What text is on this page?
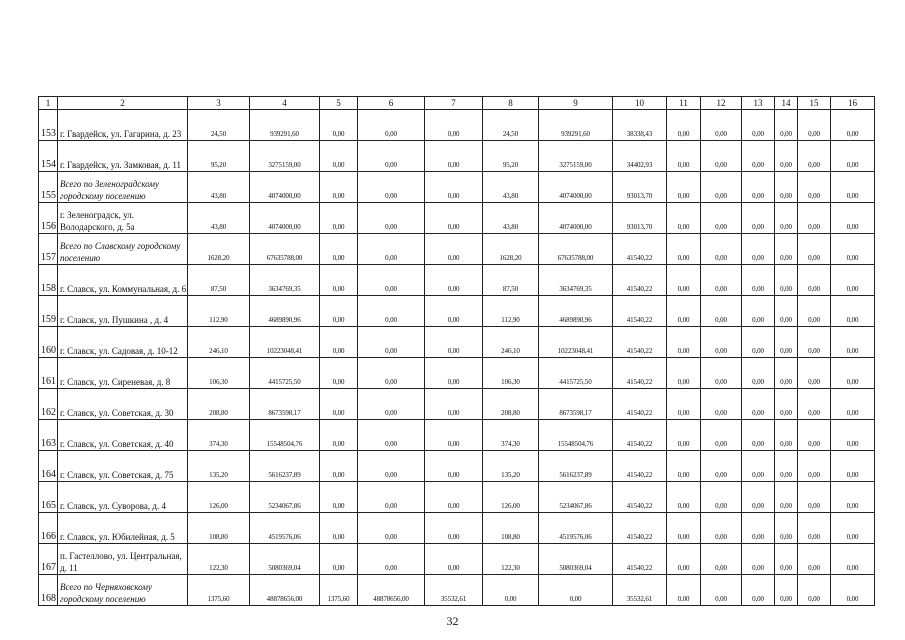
1	2	3	4	5	6	7	8	9	10	11	12	13	14	15	16
153	г. Гвардейск, ул. Гагарина, д. 23	24,50	939291,60	0,00	0,00	0,00	24,50	939291,60	38338,43	0,00	0,00	0,00	0,00	0,00	0,00
154	г. Гвардейск, ул. Замковая, д. 11	95,20	3275159,00	0,00	0,00	0,00	95,20	3275159,00	34402,93	0,00	0,00	0,00	0,00	0,00	0,00
155	Всего по Зеленоградскому городскому поселению	43,80	4074000,00	0,00	0,00	0,00	43,80	4074000,00	93013,70	0,00	0,00	0,00	0,00	0,00	0,00
156	г. Зеленоградск, ул. Володарского, д. 5а	43,80	4074000,00	0,00	0,00	0,00	43,80	4074000,00	93013,70	0,00	0,00	0,00	0,00	0,00	0,00
157	Всего по Славскому городскому поселению	1628,20	67635788,00	0,00	0,00	0,00	1628,20	67635788,00	41540,22	0,00	0,00	0,00	0,00	0,00	0,00
158	г. Славск, ул. Коммунальная, д. 6	87,50	3634769,35	0,00	0,00	0,00	87,50	3634769,35	41540,22	0,00	0,00	0,00	0,00	0,00	0,00
159	г. Славск, ул. Пушкина , д. 4	112,90	4689890,96	0,00	0,00	0,00	112,90	4689890,96	41540,22	0,00	0,00	0,00	0,00	0,00	0,00
160	г. Славск, ул. Садовая, д. 10-12	246,10	10223048,41	0,00	0,00	0,00	246,10	10223048,41	41540,22	0,00	0,00	0,00	0,00	0,00	0,00
161	г. Славск, ул. Сиреневая, д. 8	106,30	4415725,50	0,00	0,00	0,00	106,30	4415725,50	41540,22	0,00	0,00	0,00	0,00	0,00	0,00
162	г. Славск, ул. Советская, д. 30	208,80	8673598,17	0,00	0,00	0,00	208,80	8673598,17	41540,22	0,00	0,00	0,00	0,00	0,00	0,00
163	г. Славск, ул. Советская, д. 40	374,30	15548504,76	0,00	0,00	0,00	374,30	15548504,76	41540,22	0,00	0,00	0,00	0,00	0,00	0,00
164	г. Славск, ул. Советская, д. 75	135,20	5616237,89	0,00	0,00	0,00	135,20	5616237,89	41540,22	0,00	0,00	0,00	0,00	0,00	0,00
165	г. Славск, ул. Суворова, д. 4	126,00	5234067,86	0,00	0,00	0,00	126,00	5234067,86	41540,22	0,00	0,00	0,00	0,00	0,00	0,00
166	г. Славск, ул. Юбилейная, д. 5	108,80	4519576,06	0,00	0,00	0,00	108,80	4519576,06	41540,22	0,00	0,00	0,00	0,00	0,00	0,00
167	п. Гастеллово, ул. Центральная, д. 11	122,30	5080369,04	0,00	0,00	0,00	122,30	5080369,04	41540,22	0,00	0,00	0,00	0,00	0,00	0,00
168	Всего по Черняховскому городскому поселению	1375,60	48878656,00	1375,60	48878656,00	35532,61	0,00	0,00	35532,61	0,00	0,00	0,00	0,00	0,00	0,00
32
